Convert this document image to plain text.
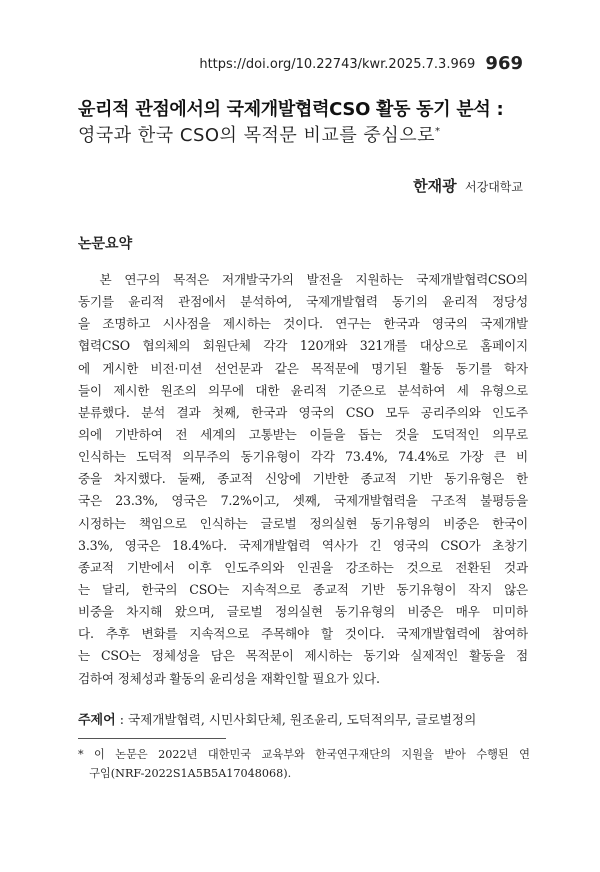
https://doi.org/10.22743/kwr.2025.7.3.969 969
윤리적 관점에서의 국제개발협력CSO 활동 동기 분석 :
영국과 한국 CSO의 목적문 비교를 중심으로*
한재광 서강대학교
논문요약
　본 연구의 목적은 저개발국가의 발전을 지원하는 국제개발협력CSO의
동기를 윤리적 관점에서 분석하여, 국제개발협력 동기의 윤리적 정당성
을 조명하고 시사점을 제시하는 것이다. 연구는 한국과 영국의 국제개발
협력CSO 협의체의 회원단체 각각 120개와 321개를 대상으로 홈페이지
에 게시한 비전·미션 선언문과 같은 목적문에 명기된 활동 동기를 학자
들이 제시한 원조의 의무에 대한 윤리적 기준으로 분석하여 세 유형으로
분류했다. 분석 결과 첫째, 한국과 영국의 CSO 모두 공리주의와 인도주
의에 기반하여 전 세계의 고통받는 이들을 돕는 것을 도덕적인 의무로
인식하는 도덕적 의무주의 동기유형이 각각 73.4%, 74.4%로 가장 큰 비
중을 차지했다. 둘째, 종교적 신앙에 기반한 종교적 기반 동기유형은 한
국은 23.3%, 영국은 7.2%이고, 셋째, 국제개발협력을 구조적 불평등을
시정하는 책임으로 인식하는 글로벌 정의실현 동기유형의 비중은 한국이
3.3%, 영국은 18.4%다. 국제개발협력 역사가 긴 영국의 CSO가 초창기
종교적 기반에서 이후 인도주의와 인권을 강조하는 것으로 전환된 것과
는 달리, 한국의 CSO는 지속적으로 종교적 기반 동기유형이 작지 않은
비중을 차지해 왔으며, 글로벌 정의실현 동기유형의 비중은 매우 미미하
다. 추후 변화를 지속적으로 주목해야 할 것이다. 국제개발협력에 참여하
는 CSO는 정체성을 담은 목적문이 제시하는 동기와 실제적인 활동을 점
검하여 정체성과 활동의 윤리성을 재확인할 필요가 있다.
주제어 : 국제개발협력, 시민사회단체, 원조윤리, 도덕적의무, 글로벌정의
* 이 논문은 2022년 대한민국 교육부와 한국연구재단의 지원을 받아 수행된 연
　구임(NRF-2022S1A5B5A17048068).
